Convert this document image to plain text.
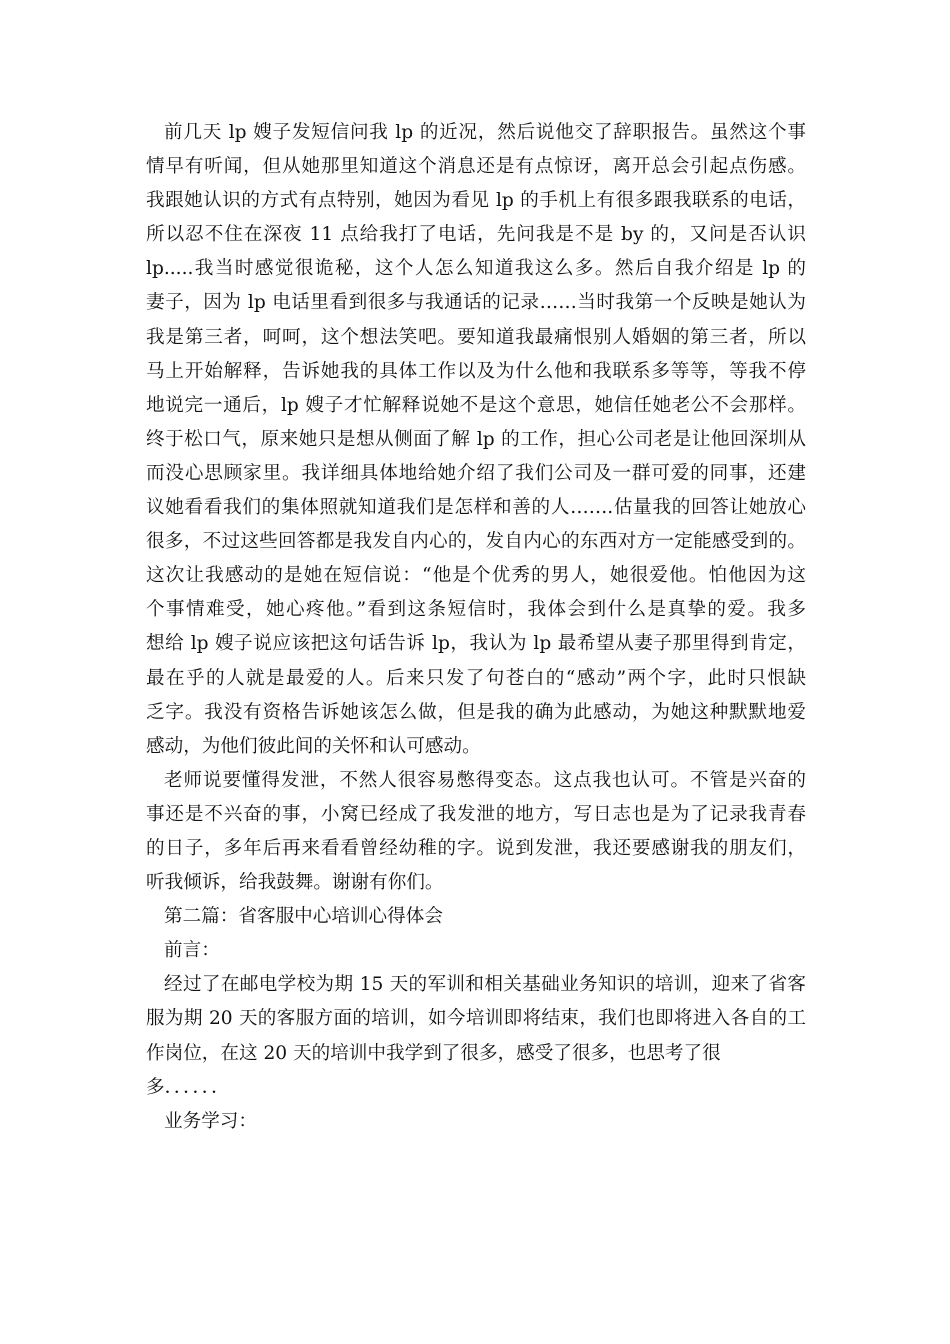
前几天 lp 嫂子发短信问我 lp 的近况，然后说他交了辞职报告。虽然这个事
情早有听闻，但从她那里知道这个消息还是有点惊讶，离开总会引起点伤感。
我跟她认识的方式有点特别，她因为看见 lp 的手机上有很多跟我联系的电话，
所以忍不住在深夜 11 点给我打了电话，先问我是不是 by 的，又问是否认识
lp.....我当时感觉很诡秘，这个人怎么知道我这么多。然后自我介绍是 lp 的
妻子，因为 lp 电话里看到很多与我通话的记录……当时我第一个反映是她认为
我是第三者，呵呵，这个想法笑吧。要知道我最痛恨别人婚姻的第三者，所以
马上开始解释，告诉她我的具体工作以及为什么他和我联系多等等，等我不停
地说完一通后，lp 嫂子才忙解释说她不是这个意思，她信任她老公不会那样。
终于松口气，原来她只是想从侧面了解 lp 的工作，担心公司老是让他回深圳从
而没心思顾家里。我详细具体地给她介绍了我们公司及一群可爱的同事，还建
议她看看我们的集体照就知道我们是怎样和善的人…….估量我的回答让她放心
很多，不过这些回答都是我发自内心的，发自内心的东西对方一定能感受到的。
这次让我感动的是她在短信说：“他是个优秀的男人，她很爱他。怕他因为这
个事情难受，她心疼他。”看到这条短信时，我体会到什么是真挚的爱。我多
想给 lp 嫂子说应该把这句话告诉 lp，我认为 lp 最希望从妻子那里得到肯定，
最在乎的人就是最爱的人。后来只发了句苍白的“感动”两个字，此时只恨缺
乏字。我没有资格告诉她该怎么做，但是我的确为此感动，为她这种默默地爱
感动，为他们彼此间的关怀和认可感动。
老师说要懂得发泄，不然人很容易憋得变态。这点我也认可。不管是兴奋的
事还是不兴奋的事，小窝已经成了我发泄的地方，写日志也是为了记录我青春
的日子，多年后再来看看曾经幼稚的字。说到发泄，我还要感谢我的朋友们，
听我倾诉，给我鼓舞。谢谢有你们。
第二篇：省客服中心培训心得体会
前言：
经过了在邮电学校为期 15 天的军训和相关基础业务知识的培训，迎来了省客
服为期 20 天的客服方面的培训，如今培训即将结束，我们也即将进入各自的工
作岗位，在这 20 天的培训中我学到了很多，感受了很多，也思考了很
多．．．．．．
业务学习：
